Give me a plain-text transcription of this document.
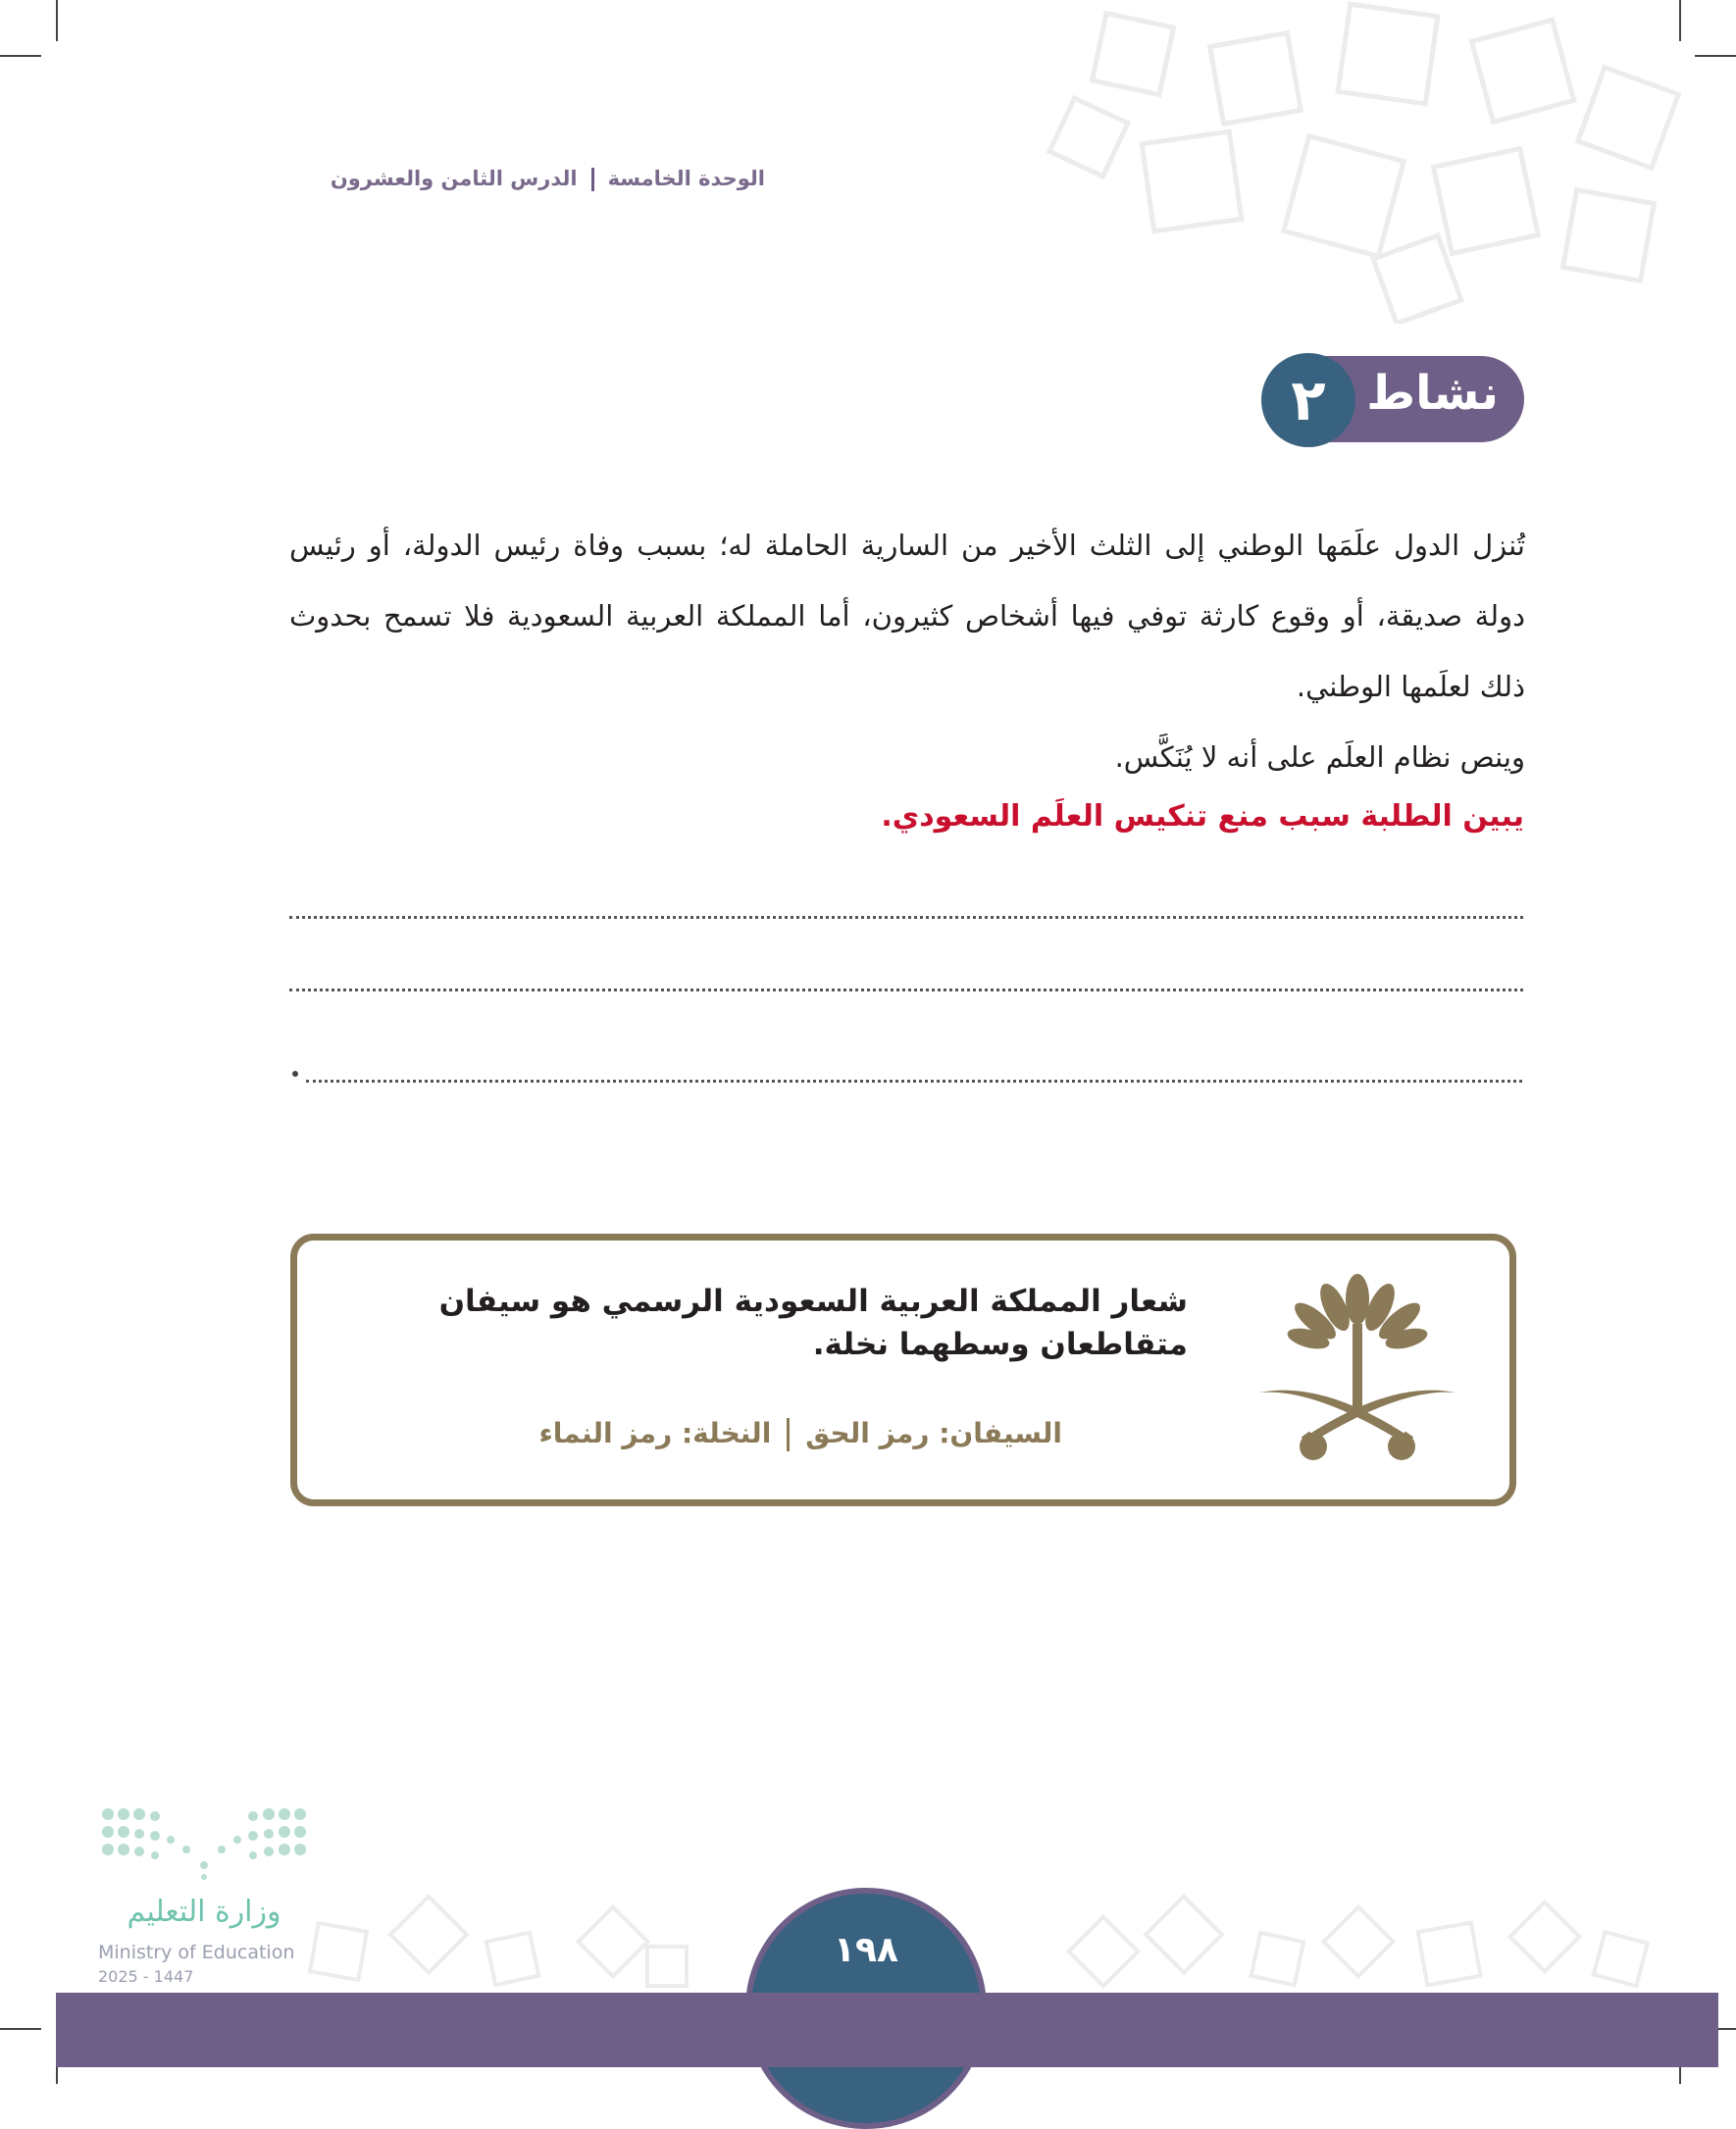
الوحدة الخامسةالدرس الثامن والعشرون
نشاط
٢

تُنزل الدول علَمَها الوطني إلى الثلث الأخير من السارية الحاملة له؛ بسبب وفاة رئيس الدولة، أو رئيس دولة صديقة، أو وقوع كارثة توفي فيها أشخاص كثيرون، أما المملكة العربية السعودية فلا تسمح بحدوث ذلك لعلَمها الوطني.

وينص نظام العلَم على أنه لا يُنَكَّس.

يبين الطلبة سبب منع تنكيس العلَم السعودي.
شعار المملكة العربية السعودية الرسمي هو سيفان متقاطعان وسطهما نخلة.
السيفان: رمز الحقالنخلة: رمز النماء
وزارة التعليم
Ministry of Education
2025 - 1447
١٩٨
